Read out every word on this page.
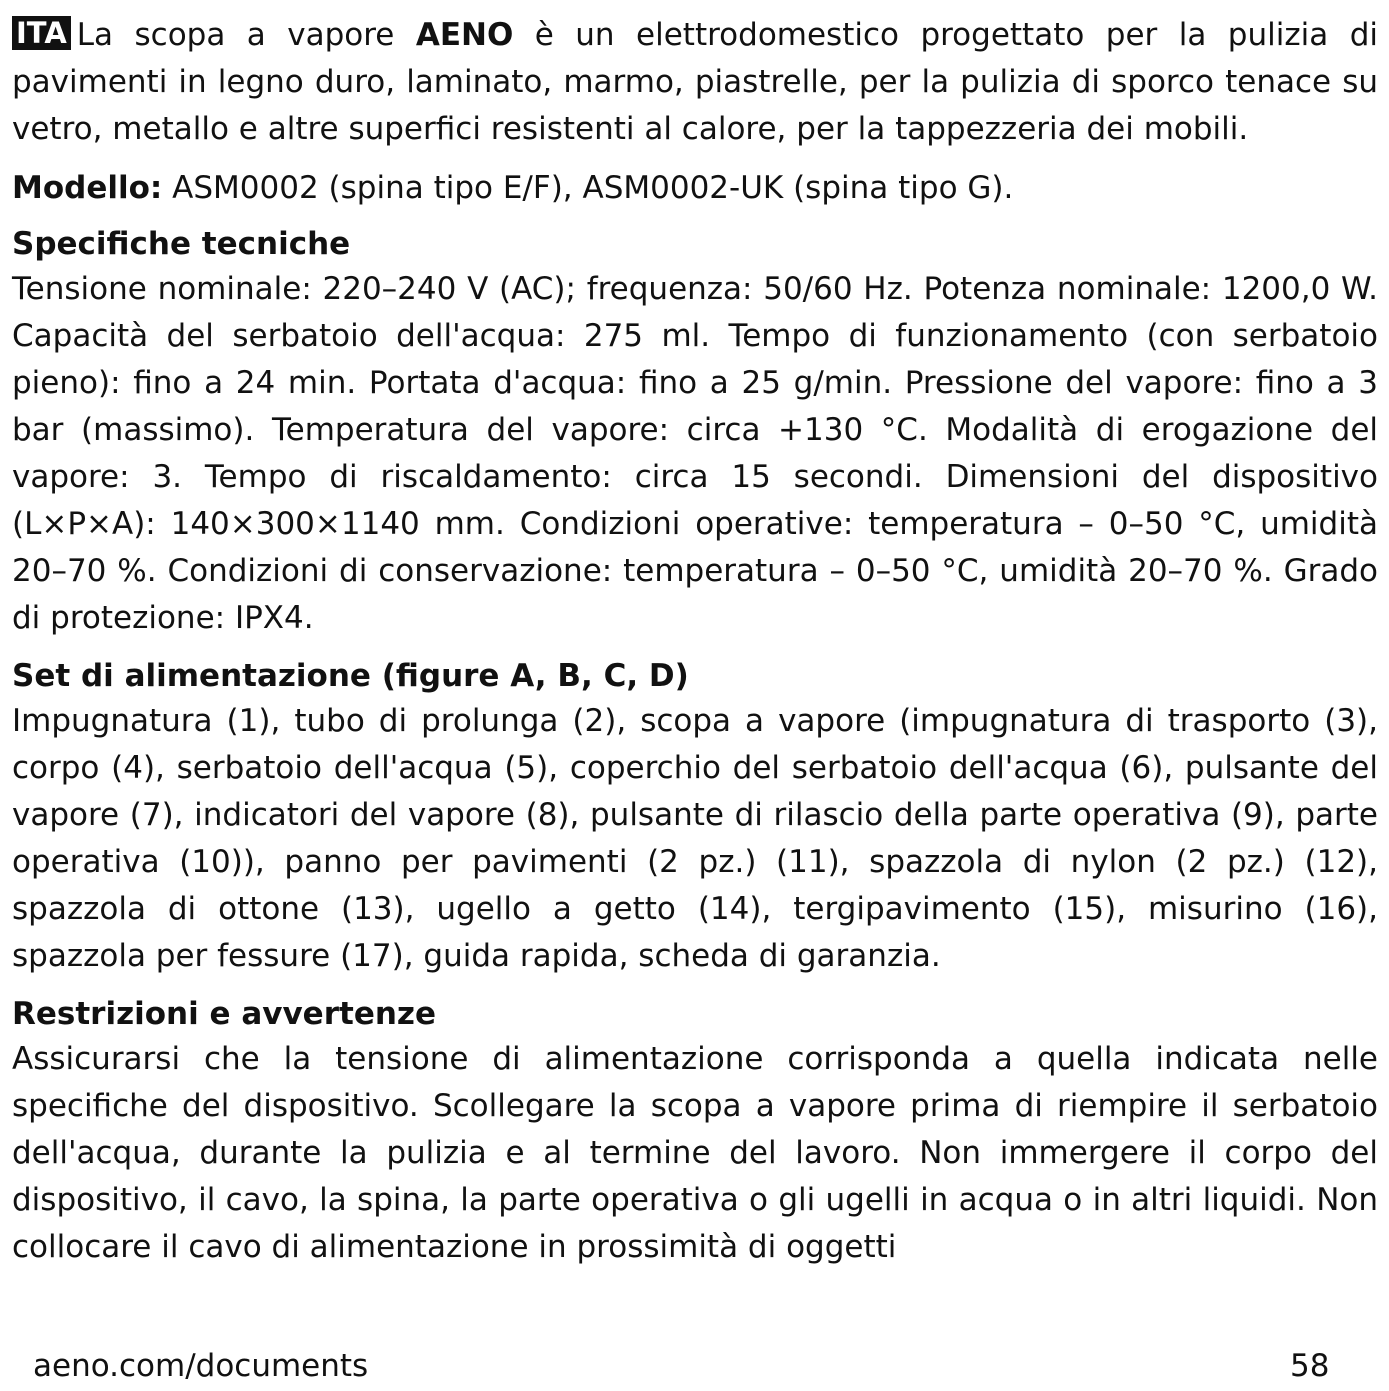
ITA La scopa a vapore AENO è un elettrodomestico progettato per la pulizia di pavimenti in legno duro, laminato, marmo, piastrelle, per la pulizia di sporco tenace su vetro, metallo e altre superfici resistenti al calore, per la tappezzeria dei mobili.

Modello: ASM0002 (spina tipo E/F), ASM0002-UK (spina tipo G).

Specifiche tecniche

Tensione nominale: 220–240 V (AC); frequenza: 50/60 Hz. Potenza nominale: 1200,0 W. Capacità del serbatoio dell'acqua: 275 ml. Tempo di funzionamento (con serbatoio pieno): fino a 24 min. Portata d'acqua: fino a 25 g/min. Pressione del vapore: fino a 3 bar (massimo). Temperatura del vapore: circa +130 °C. Modalità di erogazione del vapore: 3. Tempo di riscaldamento: circa 15 secondi. Dimensioni del dispositivo (L×P×A): 140×300×1140 mm. Condizioni operative: temperatura – 0–50 °C, umidità 20–70 %. Condizioni di conservazione: temperatura – 0–50 °C, umidità 20–70 %. Grado di protezione: IPX4.

Set di alimentazione (figure A, B, C, D)

Impugnatura (1), tubo di prolunga (2), scopa a vapore (impugnatura di trasporto (3), corpo (4), serbatoio dell'acqua (5), coperchio del serbatoio dell'acqua (6), pulsante del vapore (7), indicatori del vapore (8), pulsante di rilascio della parte operativa (9), parte operativa (10)), panno per pavimenti (2 pz.) (11), spazzola di nylon (2 pz.) (12), spazzola di ottone (13), ugello a getto (14), tergipavimento (15), misurino (16), spazzola per fessure (17), guida rapida, scheda di garanzia.

Restrizioni e avvertenze

Assicurarsi che la tensione di alimentazione corrisponda a quella indicata nelle specifiche del dispositivo. Scollegare la scopa a vapore prima di riempire il serbatoio dell'acqua, durante la pulizia e al termine del lavoro. Non immergere il corpo del dispositivo, il cavo, la spina, la parte operativa o gli ugelli in acqua o in altri liquidi. Non collocare il cavo di alimentazione in prossimità di oggetti

aeno.com/documents	58
